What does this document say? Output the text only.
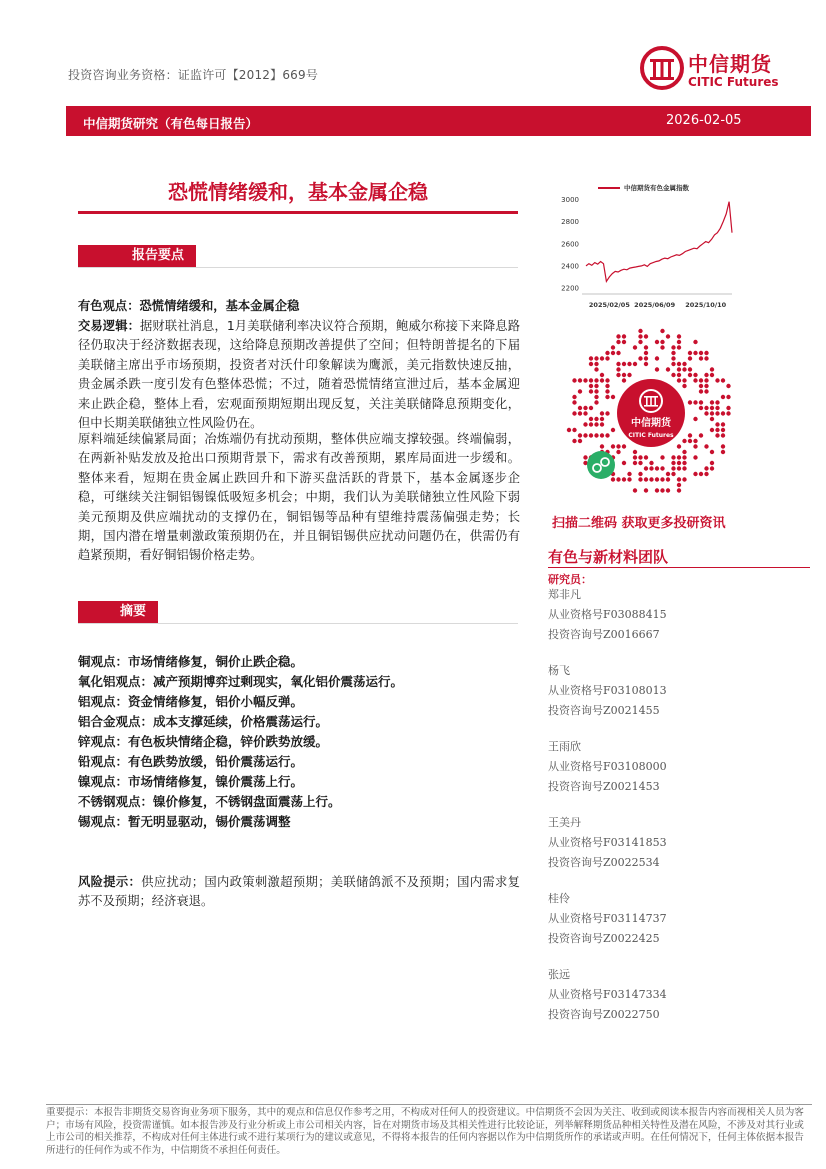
投资咨询业务资格：证监许可【2012】669号	中信期货
CITIC Futures
中信期货研究（有色每日报告）	2026-02-05
恐慌情绪缓和，基本金属企稳
报告要点
有色观点：恐慌情绪缓和，基本金属企稳
交易逻辑：据财联社消息，1月美联储利率决议符合预期，鲍威尔称接下来降息路径仍取决于经济数据表现，这给降息预期改善提供了空间；但特朗普提名的下届美联储主席出乎市场预期，投资者对沃什印象解读为鹰派，美元指数快速反抽，贵金属杀跌一度引发有色整体恐慌；不过，随着恐慌情绪宣泄过后，基本金属迎来止跌企稳，整体上看，宏观面预期短期出现反复，关注美联储降息预期变化，但中长期美联储独立性风险仍在。
原料端延续偏紧局面；冶炼端仍有扰动预期，整体供应端支撑较强。终端偏弱，在两新补贴发放及抢出口预期背景下，需求有改善预期，累库局面进一步缓和。整体来看，短期在贵金属止跌回升和下游买盘活跃的背景下，基本金属逐步企稳，可继续关注铜铝锡镍低吸短多机会；中期，我们认为美联储独立性风险下弱美元预期及供应端扰动的支撑仍在，铜铝锡等品种有望维持震荡偏强走势；长期，国内潜在增量刺激政策预期仍在，并且铜铝锡供应扰动问题仍在，供需仍有趋紧预期，看好铜铝锡价格走势。
摘要
铜观点：市场情绪修复，铜价止跌企稳。
氧化铝观点：减产预期博弈过剩现实，氧化铝价震荡运行。
铝观点：资金情绪修复，铝价小幅反弹。
铝合金观点：成本支撑延续，价格震荡运行。
锌观点：有色板块情绪企稳，锌价跌势放缓。
铅观点：有色跌势放缓，铅价震荡运行。
镍观点：市场情绪修复，镍价震荡上行。
不锈钢观点：镍价修复，不锈钢盘面震荡上行。
锡观点：暂无明显驱动，锡价震荡调整
风险提示：供应扰动；国内政策刺激超预期；美联储鸽派不及预期；国内需求复苏不及预期；经济衰退。
2200
2400
2600
2800
3000
2025/02/05 2025/06/09 2025/10/10
中信期货有色金属指数
中信期货
CITIC Futures
扫描二维码 获取更多投研资讯
有色与新材料团队
研究员：
郑非凡
从业资格号F03088415
投资咨询号Z0016667
杨飞
从业资格号F03108013
投资咨询号Z0021455
王雨欣
从业资格号F03108000
投资咨询号Z0021453
王美丹
从业资格号F03141853
投资咨询号Z0022534
桂伶
从业资格号F03114737
投资咨询号Z0022425
张远
从业资格号F03147334
投资咨询号Z0022750
重要提示：本报告非期货交易咨询业务项下服务，其中的观点和信息仅作参考之用，不构成对任何人的投资建议。中信期货不会因为关注、收到或阅读本报告内容而视相关人员为客户；市场有风险，投资需谨慎。如本报告涉及行业分析或上市公司相关内容，旨在对期货市场及其相关性进行比较论证，列举解释期货品种相关特性及潜在风险，不涉及对其行业或上市公司的相关推荐，不构成对任何主体进行或不进行某项行为的建议或意见，不得将本报告的任何内容据以作为中信期货所作的承诺或声明。在任何情况下，任何主体依据本报告所进行的任何作为或不作为，中信期货不承担任何责任。
